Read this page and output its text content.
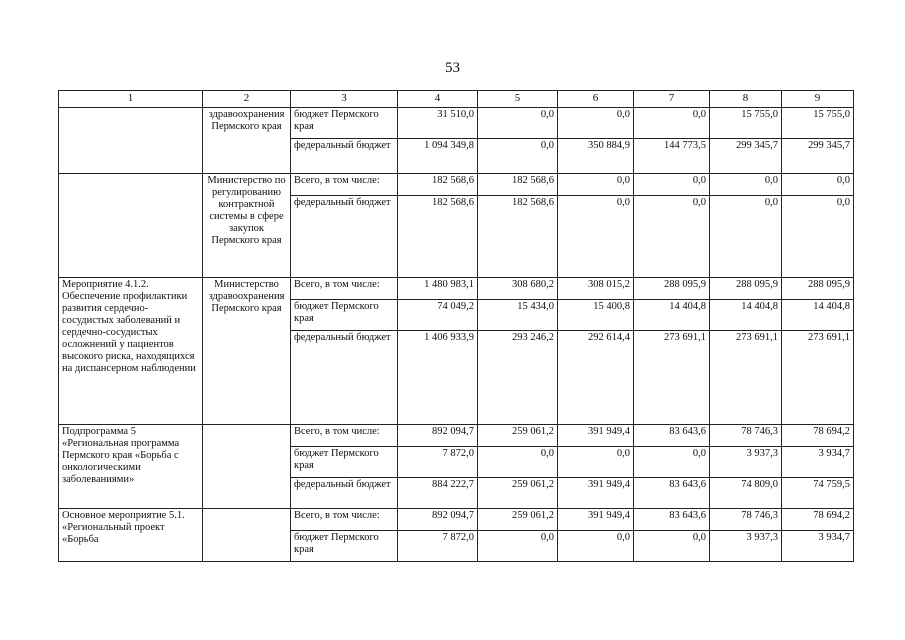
53
1	2	3	4	5	6	7	8	9
	здравоохранения Пермского края	бюджет Пермского края	31 510,0	0,0	0,0	0,0	15 755,0	15 755,0
		федеральный бюджет	1 094 349,8	0,0	350 884,9	144 773,5	299 345,7	299 345,7
	Министерство по регулированию контрактной системы в сфере закупок Пермского края	Всего, в том числе:	182 568,6	182 568,6	0,0	0,0	0,0	0,0
		федеральный бюджет	182 568,6	182 568,6	0,0	0,0	0,0	0,0
Мероприятие 4.1.2. Обеспечение профилактики развития сердечно-сосудистых заболеваний и сердечно-сосудистых осложнений у пациентов высокого риска, находящихся на диспансерном наблюдении	Министерство здравоохранения Пермского края	Всего, в том числе:	1 480 983,1	308 680,2	308 015,2	288 095,9	288 095,9	288 095,9
		бюджет Пермского края	74 049,2	15 434,0	15 400,8	14 404,8	14 404,8	14 404,8
		федеральный бюджет	1 406 933,9	293 246,2	292 614,4	273 691,1	273 691,1	273 691,1
Подпрограмма 5 «Региональная программа Пермского края «Борьба с онкологическими заболеваниями»		Всего, в том числе:	892 094,7	259 061,2	391 949,4	83 643,6	78 746,3	78 694,2
		бюджет Пермского края	7 872,0	0,0	0,0	0,0	3 937,3	3 934,7
		федеральный бюджет	884 222,7	259 061,2	391 949,4	83 643,6	74 809,0	74 759,5
Основное мероприятие 5.1. «Региональный проект «Борьба		Всего, в том числе:	892 094,7	259 061,2	391 949,4	83 643,6	78 746,3	78 694,2
		бюджет Пермского края	7 872,0	0,0	0,0	0,0	3 937,3	3 934,7
